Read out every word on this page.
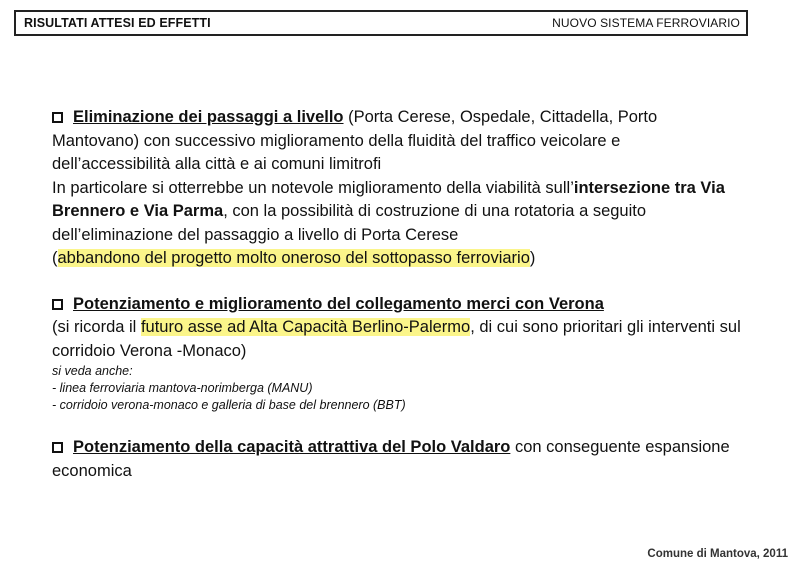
RISULTATI ATTESI ED EFFETTI	NUOVO SISTEMA FERROVIARIO

Eliminazione dei passaggi a livello (Porta Cerese, Ospedale, Cittadella, Porto Mantovano) con successivo miglioramento della fluidità del traffico veicolare e dell’accessibilità alla città e ai comuni limitrofi

In particolare si otterrebbe un notevole miglioramento della viabilità sull’intersezione tra Via Brennero e Via Parma, con la possibilità di costruzione di una rotatoria a seguito dell’eliminazione del passaggio a livello di Porta Cerese
(abbandono del progetto molto oneroso del sottopasso ferroviario)

Potenziamento e miglioramento del collegamento merci con Verona

(si ricorda il futuro asse ad Alta Capacità Berlino-Palermo, di cui sono prioritari gli interventi sul corridoio Verona -Monaco)

si veda anche:

- linea ferroviaria mantova-norimberga (MANU)

- corridoio verona-monaco e galleria di base del brennero (BBT)

Potenziamento della capacità attrattiva del Polo Valdaro con conseguente espansione economica

Comune di Mantova, 2011
